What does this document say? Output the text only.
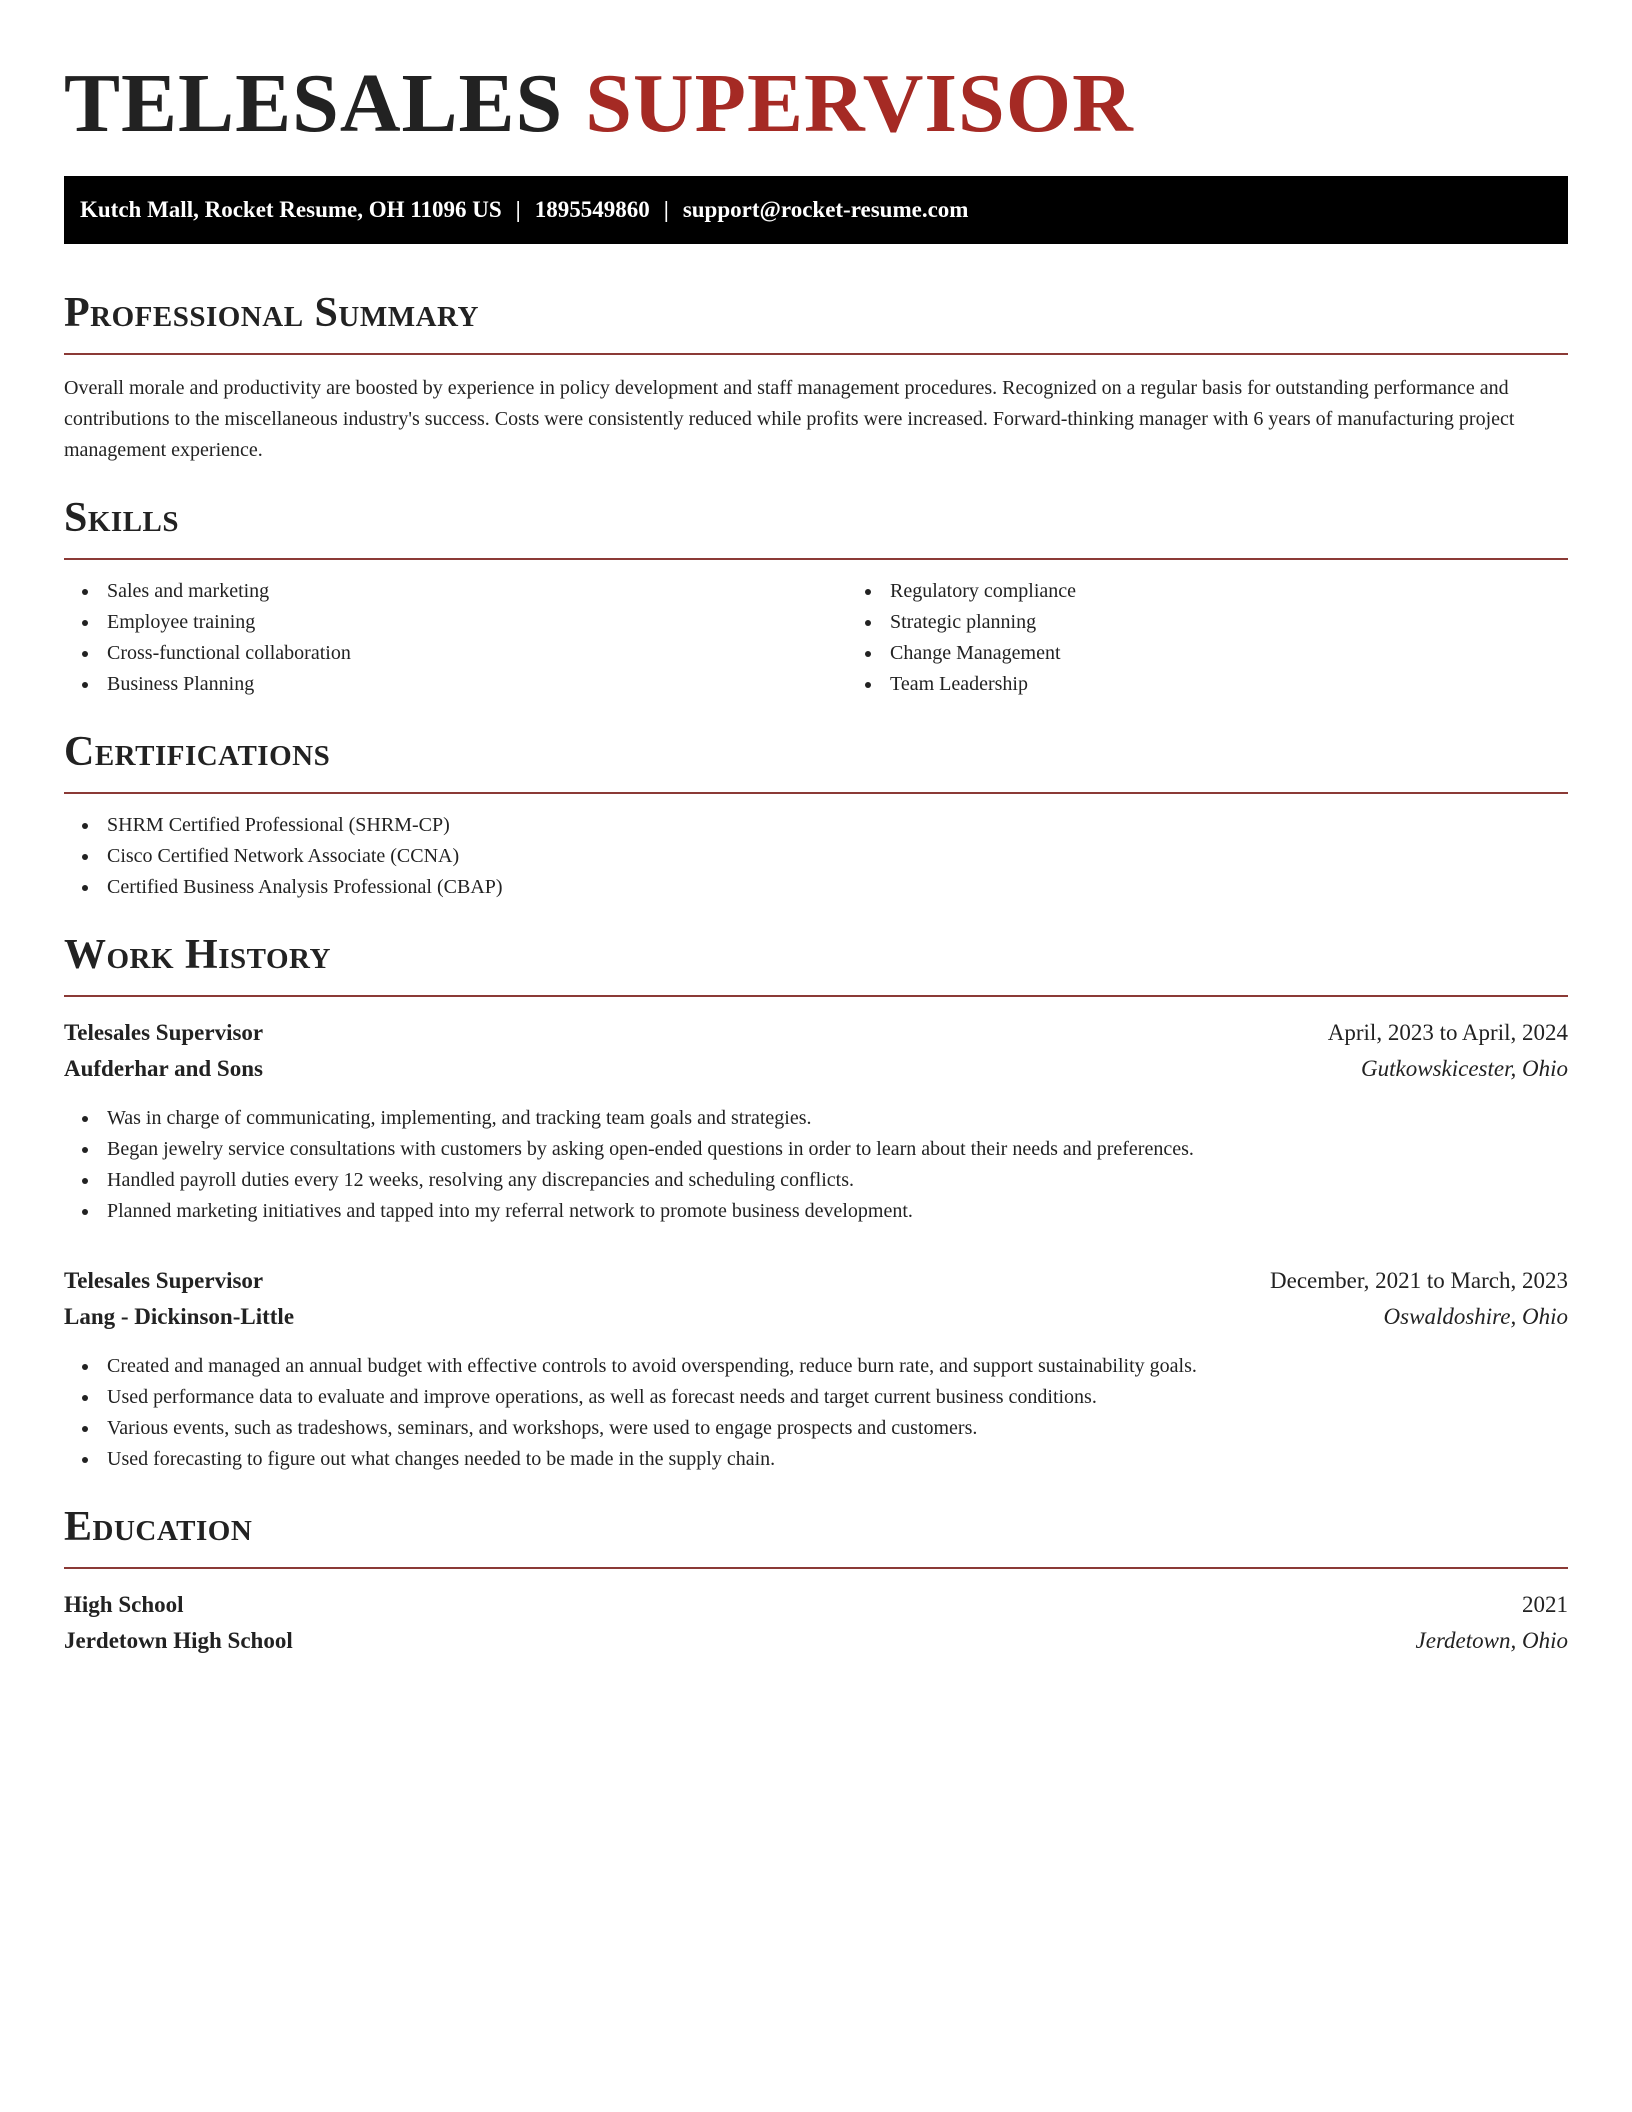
TELESALES SUPERVISOR
Kutch Mall, Rocket Resume, OH 11096 US | 1895549860 | support@rocket-resume.com
Professional Summary

Overall morale and productivity are boosted by experience in policy development and staff management procedures. Recognized on a regular basis for outstanding performance and contributions to the miscellaneous industry's success. Costs were consistently reduced while profits were increased. Forward-thinking manager with 6 years of manufacturing project management experience.

Skills
Sales and marketing
Employee training
Cross-functional collaboration
Business Planning
Regulatory compliance
Strategic planning
Change Management
Team Leadership
Certifications
SHRM Certified Professional (SHRM-CP)
Cisco Certified Network Associate (CCNA)
Certified Business Analysis Professional (CBAP)
Work History
Telesales Supervisor	April, 2023 to April, 2024
Aufderhar and Sons	Gutkowskicester, Ohio
Was in charge of communicating, implementing, and tracking team goals and strategies.
Began jewelry service consultations with customers by asking open-ended questions in order to learn about their needs and preferences.
Handled payroll duties every 12 weeks, resolving any discrepancies and scheduling conflicts.
Planned marketing initiatives and tapped into my referral network to promote business development.
Telesales Supervisor	December, 2021 to March, 2023
Lang - Dickinson-Little	Oswaldoshire, Ohio
Created and managed an annual budget with effective controls to avoid overspending, reduce burn rate, and support sustainability goals.
Used performance data to evaluate and improve operations, as well as forecast needs and target current business conditions.
Various events, such as tradeshows, seminars, and workshops, were used to engage prospects and customers.
Used forecasting to figure out what changes needed to be made in the supply chain.
Education
High School	2021
Jerdetown High School	Jerdetown, Ohio
